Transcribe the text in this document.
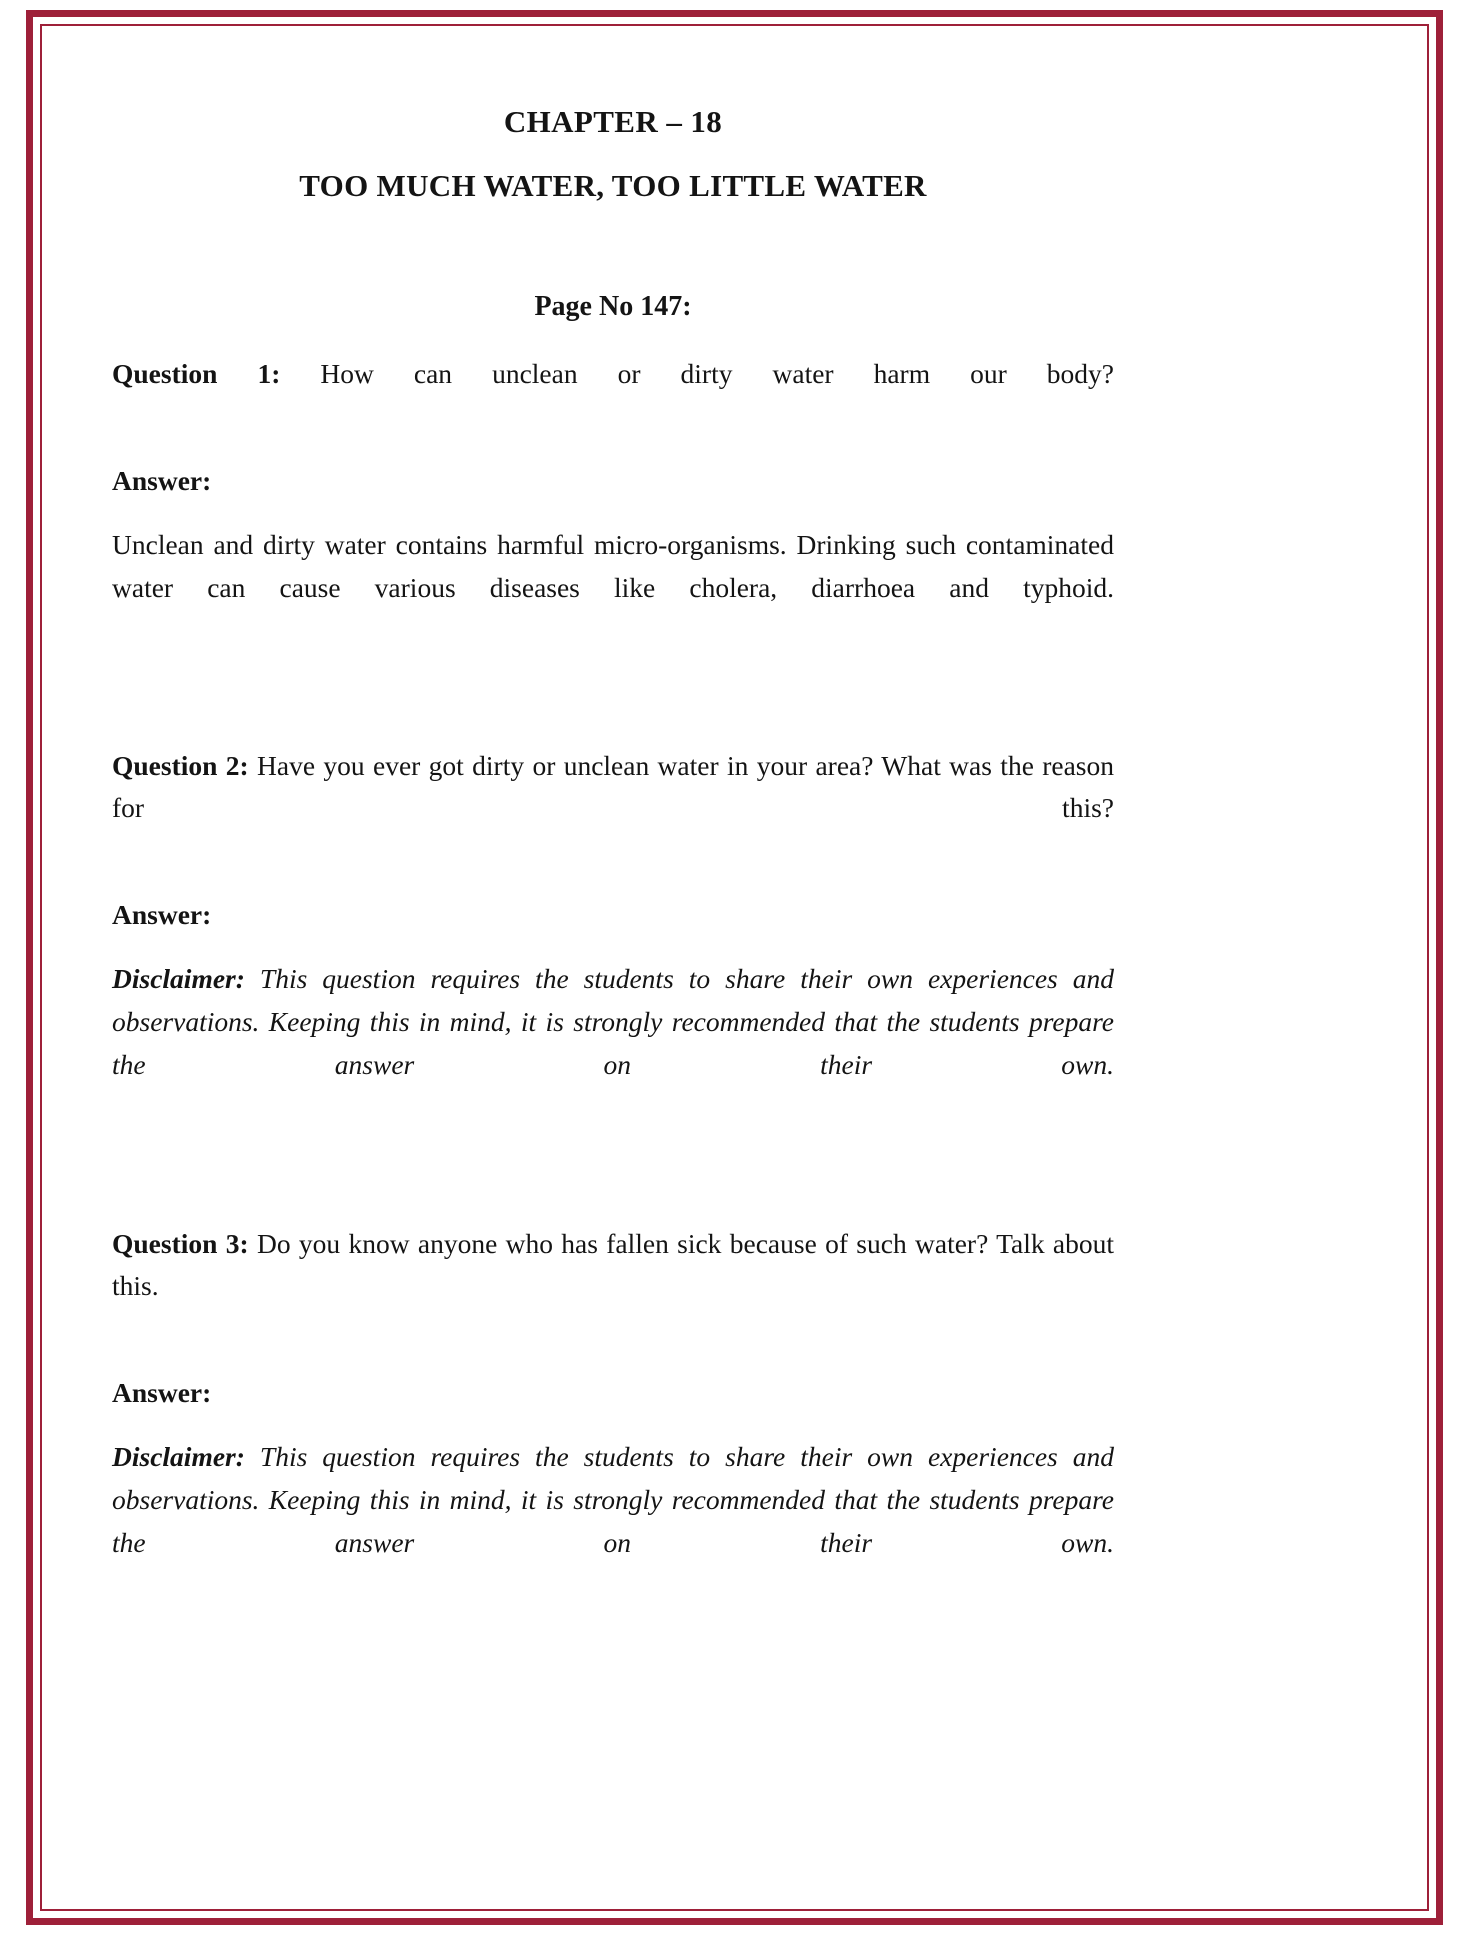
CHAPTER – 18
TOO MUCH WATER, TOO LITTLE WATER

Page No 147:

Question 1: How can unclean or dirty water harm our body?

Answer:

Unclean and dirty water contains harmful micro-organisms. Drinking such contaminated water can cause various diseases like cholera, diarrhoea and typhoid.

Question 2: Have you ever got dirty or unclean water in your area? What was the reason for this?

Answer:

Disclaimer: This question requires the students to share their own experiences and observations. Keeping this in mind, it is strongly recommended that the students prepare the answer on their own.

Question 3: Do you know anyone who has fallen sick because of such water? Talk about this.

Answer:

Disclaimer: This question requires the students to share their own experiences and observations. Keeping this in mind, it is strongly recommended that the students prepare the answer on their own.
